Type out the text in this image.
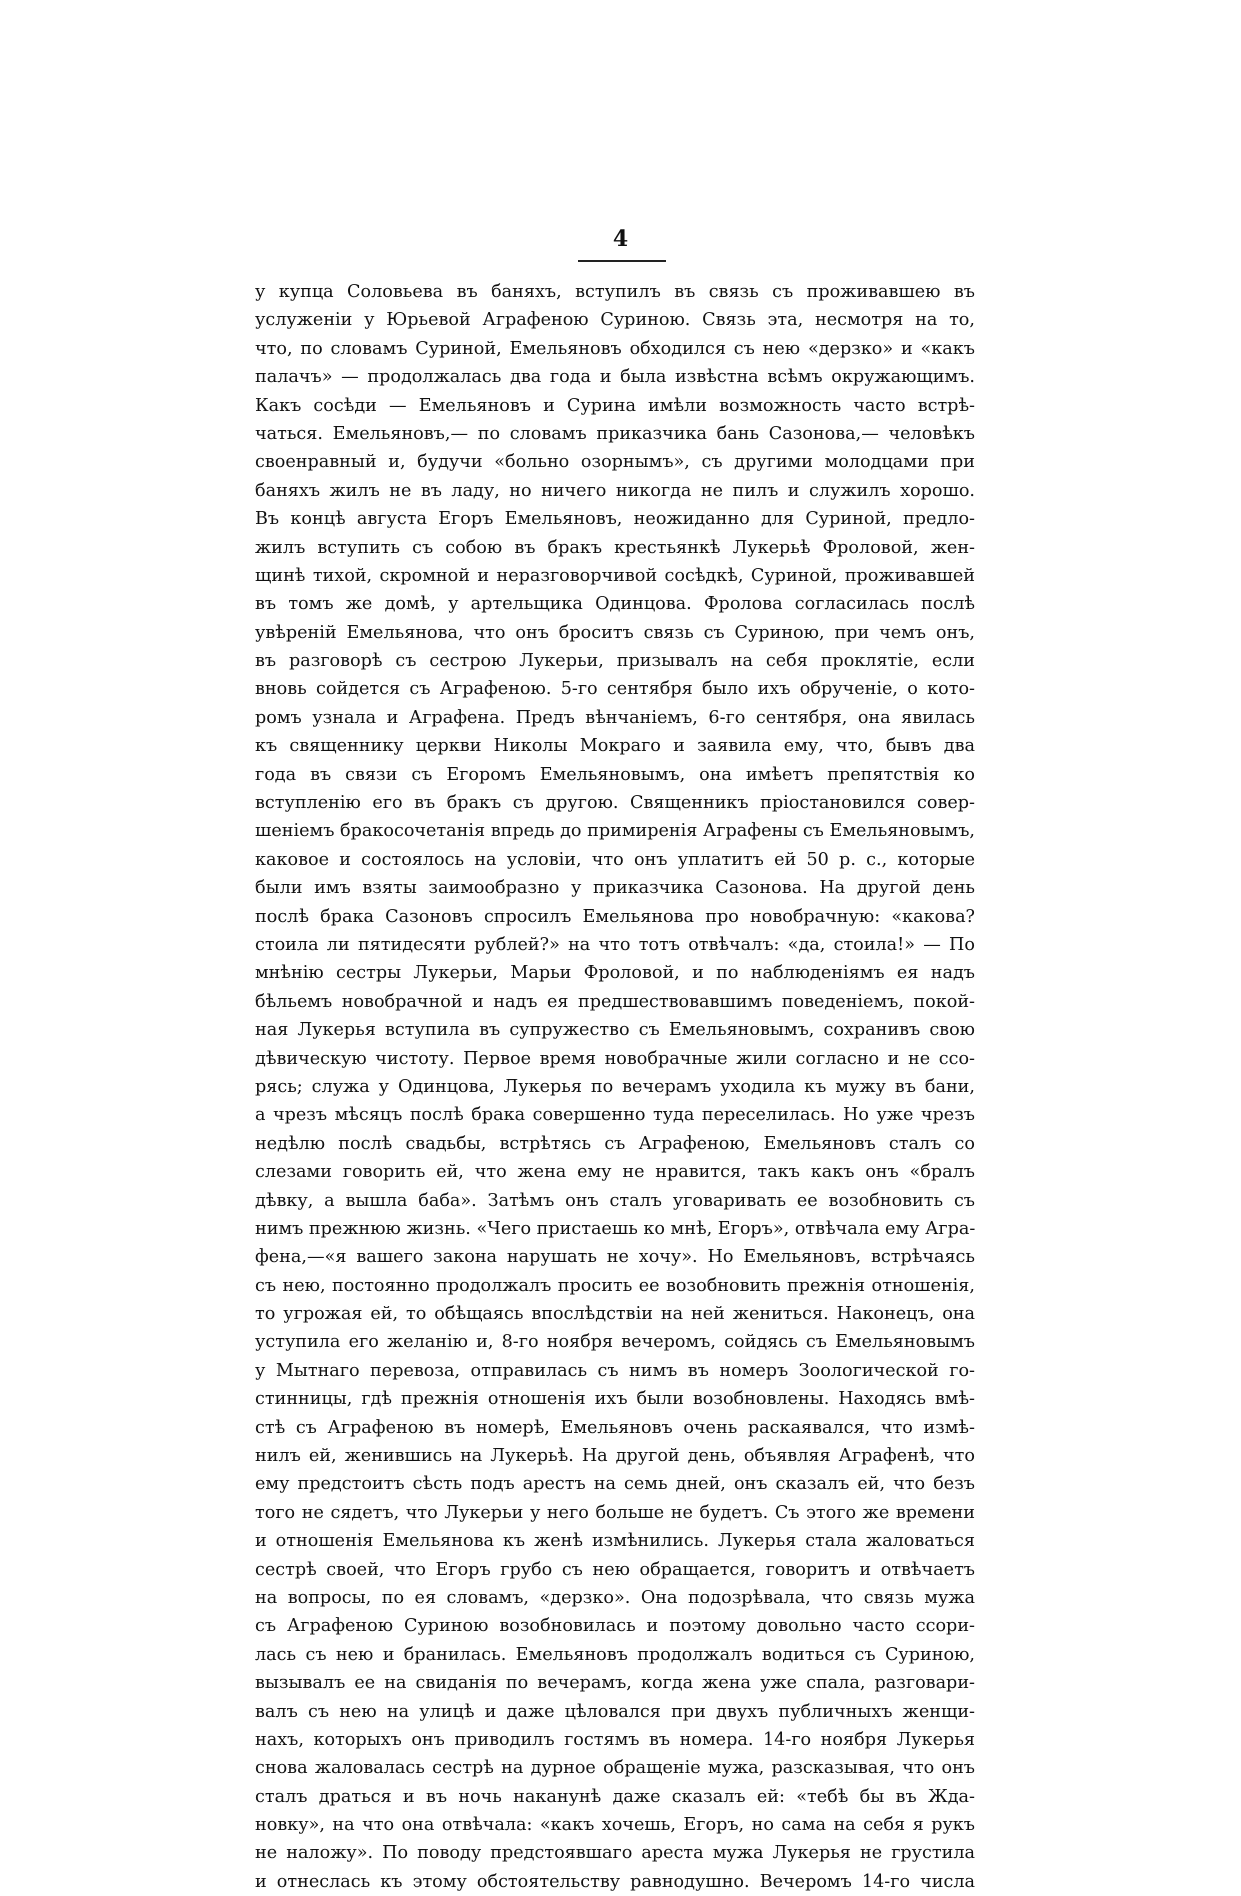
4
у купца Соловьева въ баняхъ, вступилъ въ связь съ проживавшею въ
услуженіи у Юрьевой Аграфеною Суриною. Связь эта, несмотря на то,
что, по словамъ Суриной, Емельяновъ обходился съ нею «дерзко» и «какъ
палачъ» — продолжалась два года и была извѣстна всѣмъ окружающимъ.
Какъ сосѣди — Емельяновъ и Сурина имѣли возможность часто встрѣ-
чаться. Емельяновъ,— по словамъ приказчика бань Сазонова,— человѣкъ
своенравный и, будучи «больно озорнымъ», съ другими молодцами при
баняхъ жилъ не въ ладу, но ничего никогда не пилъ и служилъ хорошо.
Въ концѣ августа Егоръ Емельяновъ, неожиданно для Суриной, предло-
жилъ вступить съ собою въ бракъ крестьянкѣ Лукерьѣ Фроловой, жен-
щинѣ тихой, скромной и неразговорчивой сосѣдкѣ, Суриной, проживавшей
въ томъ же домѣ, у артельщика Одинцова. Фролова согласилась послѣ
увѣреній Емельянова, что онъ броситъ связь съ Суриною, при чемъ онъ,
въ разговорѣ съ сестрою Лукерьи, призывалъ на себя проклятіе, если
вновь сойдется съ Аграфеною. 5-го сентября было ихъ обрученіе, о кото-
ромъ узнала и Аграфена. Предъ вѣнчаніемъ, 6-го сентября, она явилась
къ священнику церкви Николы Мокраго и заявила ему, что, бывъ два
года въ связи съ Егоромъ Емельяновымъ, она имѣетъ препятствія ко
вступленію его въ бракъ съ другою. Священникъ пріостановился совер-
шеніемъ бракосочетанія впредь до примиренія Аграфены съ Емельяновымъ,
каковое и состоялось на условіи, что онъ уплатитъ ей 50 р. с., которые
были имъ взяты заимообразно у приказчика Сазонова. На другой день
послѣ брака Сазоновъ спросилъ Емельянова про новобрачную: «какова?
стоила ли пятидесяти рублей?» на что тотъ отвѣчалъ: «да, стоила!» — По
мнѣнію сестры Лукерьи, Марьи Фроловой, и по наблюденіямъ ея надъ
бѣльемъ новобрачной и надъ ея предшествовавшимъ поведеніемъ, покой-
ная Лукерья вступила въ супружество съ Емельяновымъ, сохранивъ свою
дѣвическую чистоту. Первое время новобрачные жили согласно и не ссо-
рясь; служа у Одинцова, Лукерья по вечерамъ уходила къ мужу въ бани,
а чрезъ мѣсяцъ послѣ брака совершенно туда переселилась. Но уже чрезъ
недѣлю послѣ свадьбы, встрѣтясь съ Аграфеною, Емельяновъ сталъ со
слезами говорить ей, что жена ему не нравится, такъ какъ онъ «бралъ
дѣвку, а вышла баба». Затѣмъ онъ сталъ уговаривать ее возобновить съ
нимъ прежнюю жизнь. «Чего пристаешь ко мнѣ, Егоръ», отвѣчала ему Агра-
фена,—«я вашего закона нарушать не хочу». Но Емельяновъ, встрѣчаясь
съ нею, постоянно продолжалъ просить ее возобновить прежнія отношенія,
то угрожая ей, то обѣщаясь впослѣдствіи на ней жениться. Наконецъ, она
уступила его желанію и, 8-го ноября вечеромъ, сойдясь съ Емельяновымъ
у Мытнаго перевоза, отправилась съ нимъ въ номеръ Зоологической го-
стинницы, гдѣ прежнія отношенія ихъ были возобновлены. Находясь вмѣ-
стѣ съ Аграфеною въ номерѣ, Емельяновъ очень раскаявался, что измѣ-
нилъ ей, женившись на Лукерьѣ. На другой день, объявляя Аграфенѣ, что
ему предстоитъ сѣсть подъ арестъ на семь дней, онъ сказалъ ей, что безъ
того не сядетъ, что Лукерьи у него больше не будетъ. Съ этого же времени
и отношенія Емельянова къ женѣ измѣнились. Лукерья стала жаловаться
сестрѣ своей, что Егоръ грубо съ нею обращается, говоритъ и отвѣчаетъ
на вопросы, по ея словамъ, «дерзко». Она подозрѣвала, что связь мужа
съ Аграфеною Суриною возобновилась и поэтому довольно часто ссори-
лась съ нею и бранилась. Емельяновъ продолжалъ водиться съ Суриною,
вызывалъ ее на свиданія по вечерамъ, когда жена уже спала, разговари-
валъ съ нею на улицѣ и даже цѣловался при двухъ публичныхъ женщи-
нахъ, которыхъ онъ приводилъ гостямъ въ номера. 14-го ноября Лукерья
снова жаловалась сестрѣ на дурное обращеніе мужа, разсказывая, что онъ
сталъ драться и въ ночь наканунѣ даже сказалъ ей: «тебѣ бы въ Жда-
новку», на что она отвѣчала: «какъ хочешь, Егоръ, но сама на себя я рукъ
не наложу». По поводу предстоявшаго ареста мужа Лукерья не грустила
и отнеслась къ этому обстоятельству равнодушно. Вечеромъ 14-го числа
